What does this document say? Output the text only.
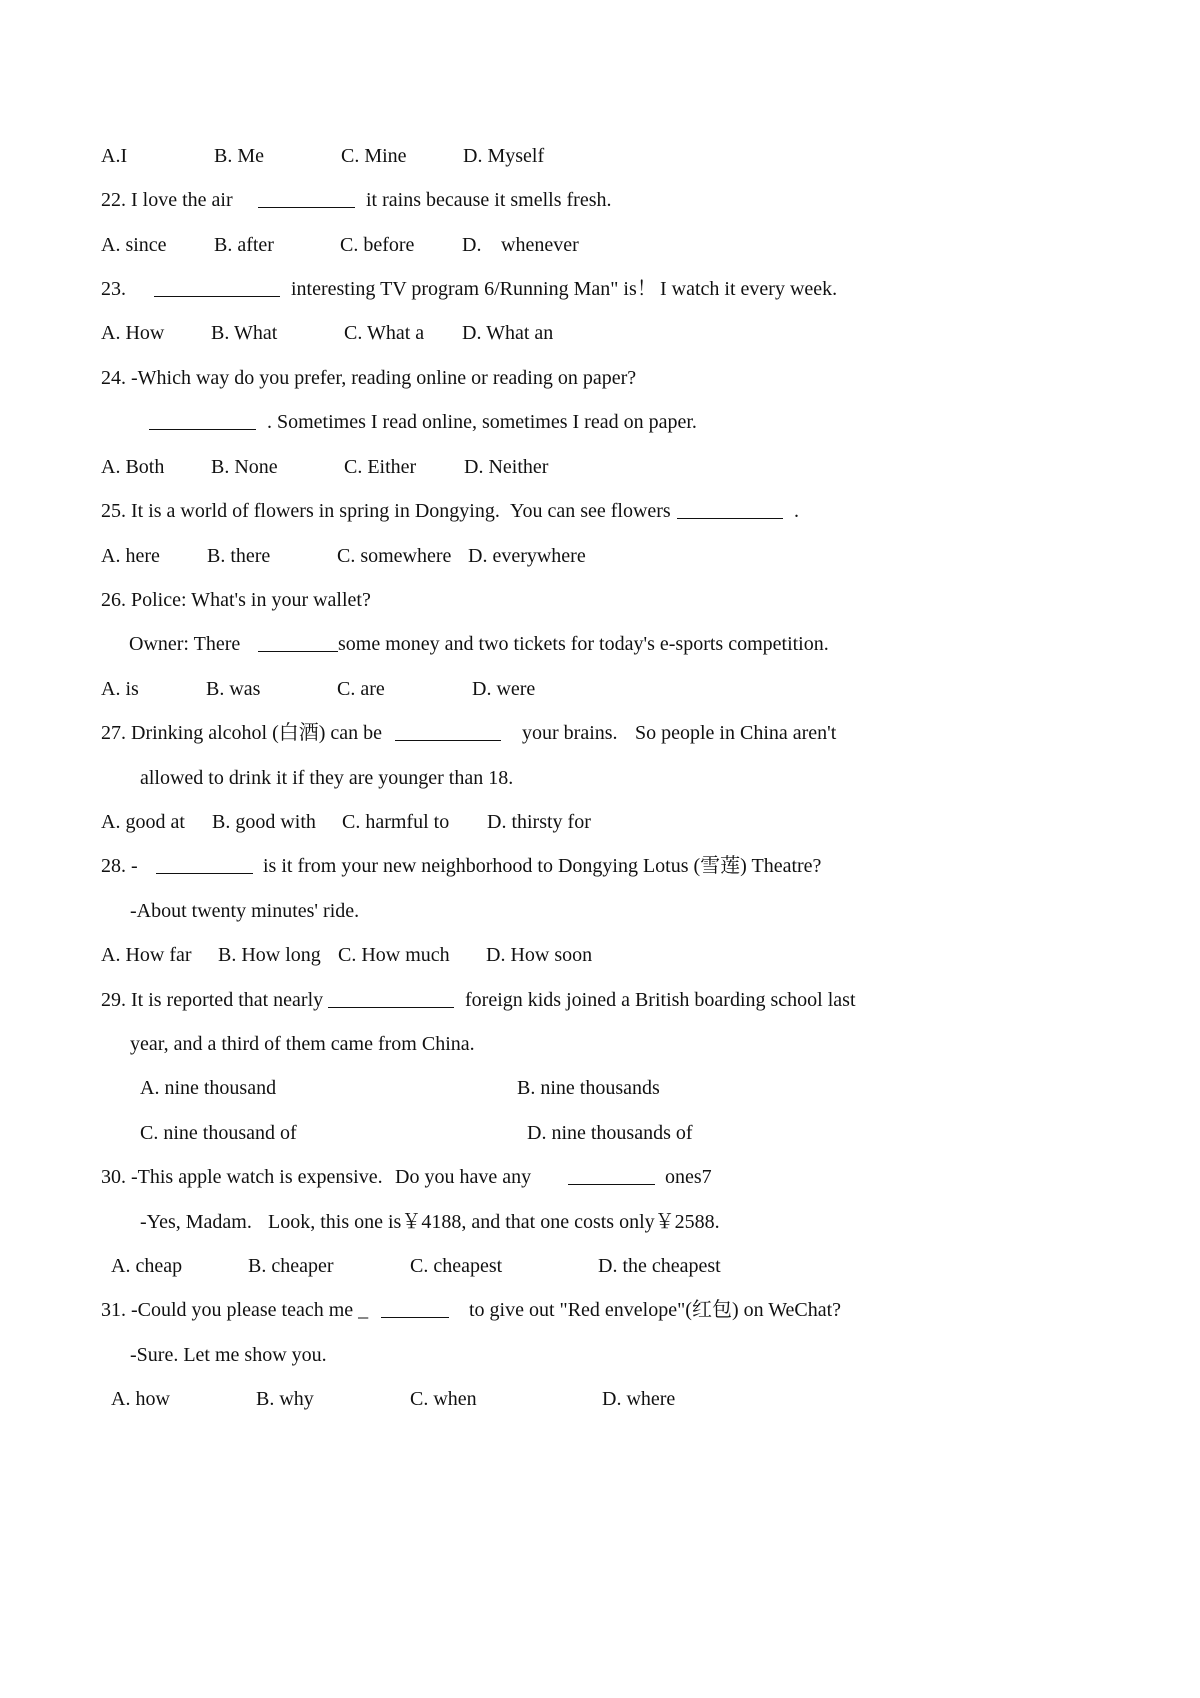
A.I	B. Me	C. Mine	D. Myself
22. I love the air	it rains because it smells fresh.
A. since B. after	C. before D. whenever
23.	interesting TV program 6/Running Man" is！ I watch it every week.
A. How B. What	C. What a D. What an
24. -Which way do you prefer, reading online or reading on paper?
. Sometimes I read online, sometimes I read on paper.
A. Both B. None	C. Either D. Neither
25. It is a world of flowers in spring in Dongying. You can see flowers	.
A. here B. there	C. somewhere D. everywhere
26. Police: What's in your wallet?
Owner: There	some money and two tickets for today's e-sports competition.
A. is	B. was	C. are	D. were
27. Drinking alcohol (白酒) can be	your brains. So people in China aren't
allowed to drink it if they are younger than 18.
A. good at B. good with C. harmful to D. thirsty for
28. -	is it from your new neighborhood to Dongying Lotus (雪莲) Theatre?
-About twenty minutes' ride.
A. How far B. How long C. How much D. How soon
29. It is reported that nearly	foreign kids joined a British boarding school last
year, and a third of them came from China.
A. nine thousand	B. nine thousands
C. nine thousand of	D. nine thousands of
30. -This apple watch is expensive. Do you have any	ones7
-Yes, Madam. Look, this one is￥4188, and that one costs only￥2588.
A. cheap	B. cheaper	C. cheapest	D. the cheapest
31. -Could you please teach me _	to give out "Red envelope"(红包) on WeChat?
-Sure. Let me show you.
A. how	B. why	C. when	D. where
